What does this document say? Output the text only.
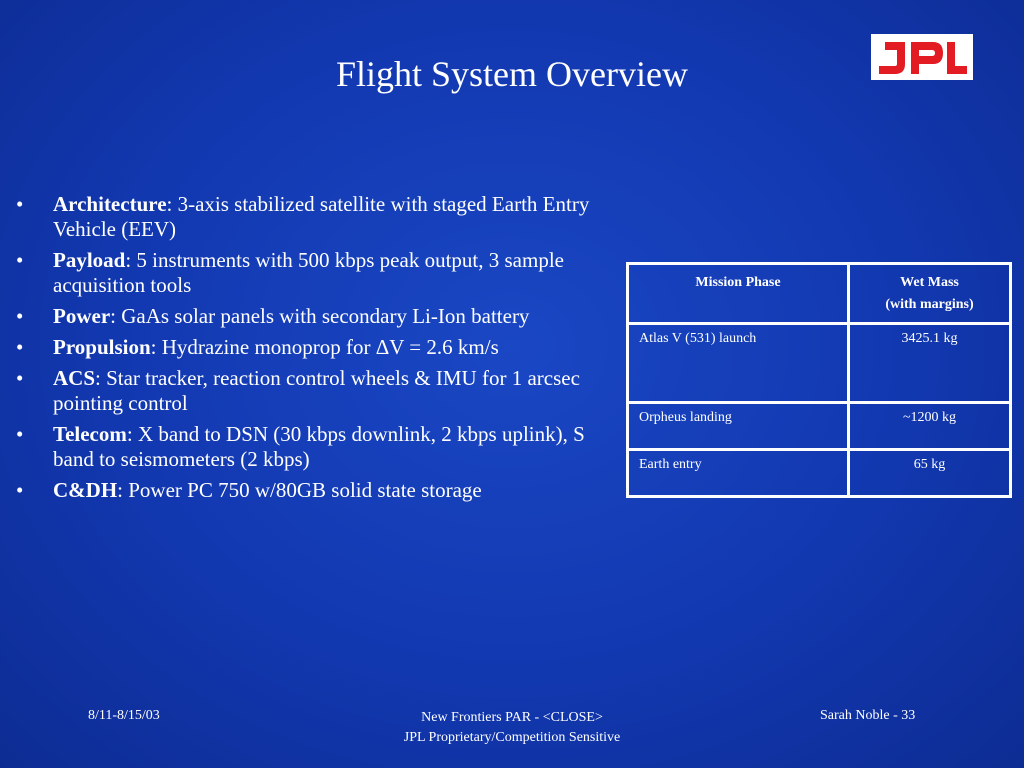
Flight System Overview
• Architecture: 3-axis stabilized satellite with staged Earth Entry Vehicle (EEV)
• Payload: 5 instruments with 500 kbps peak output, 3 sample acquisition tools
• Power: GaAs solar panels with secondary Li-Ion battery
• Propulsion: Hydrazine monoprop for ΔV = 2.6 km/s
• ACS: Star tracker, reaction control wheels & IMU for 1 arcsec pointing control
• Telecom: X band to DSN (30 kbps downlink, 2 kbps uplink), S band to seismometers (2 kbps)
• C&DH: Power PC 750 w/80GB solid state storage
Mission Phase	Wet Mass
(with margins)

Atlas V (531) launch	3425.1 kg
Orpheus landing	~1200 kg
Earth entry	65 kg
8/11-8/15/03	New Frontiers PAR - <CLOSE>
JPL Proprietary/Competition Sensitive
Sarah Noble - 33
